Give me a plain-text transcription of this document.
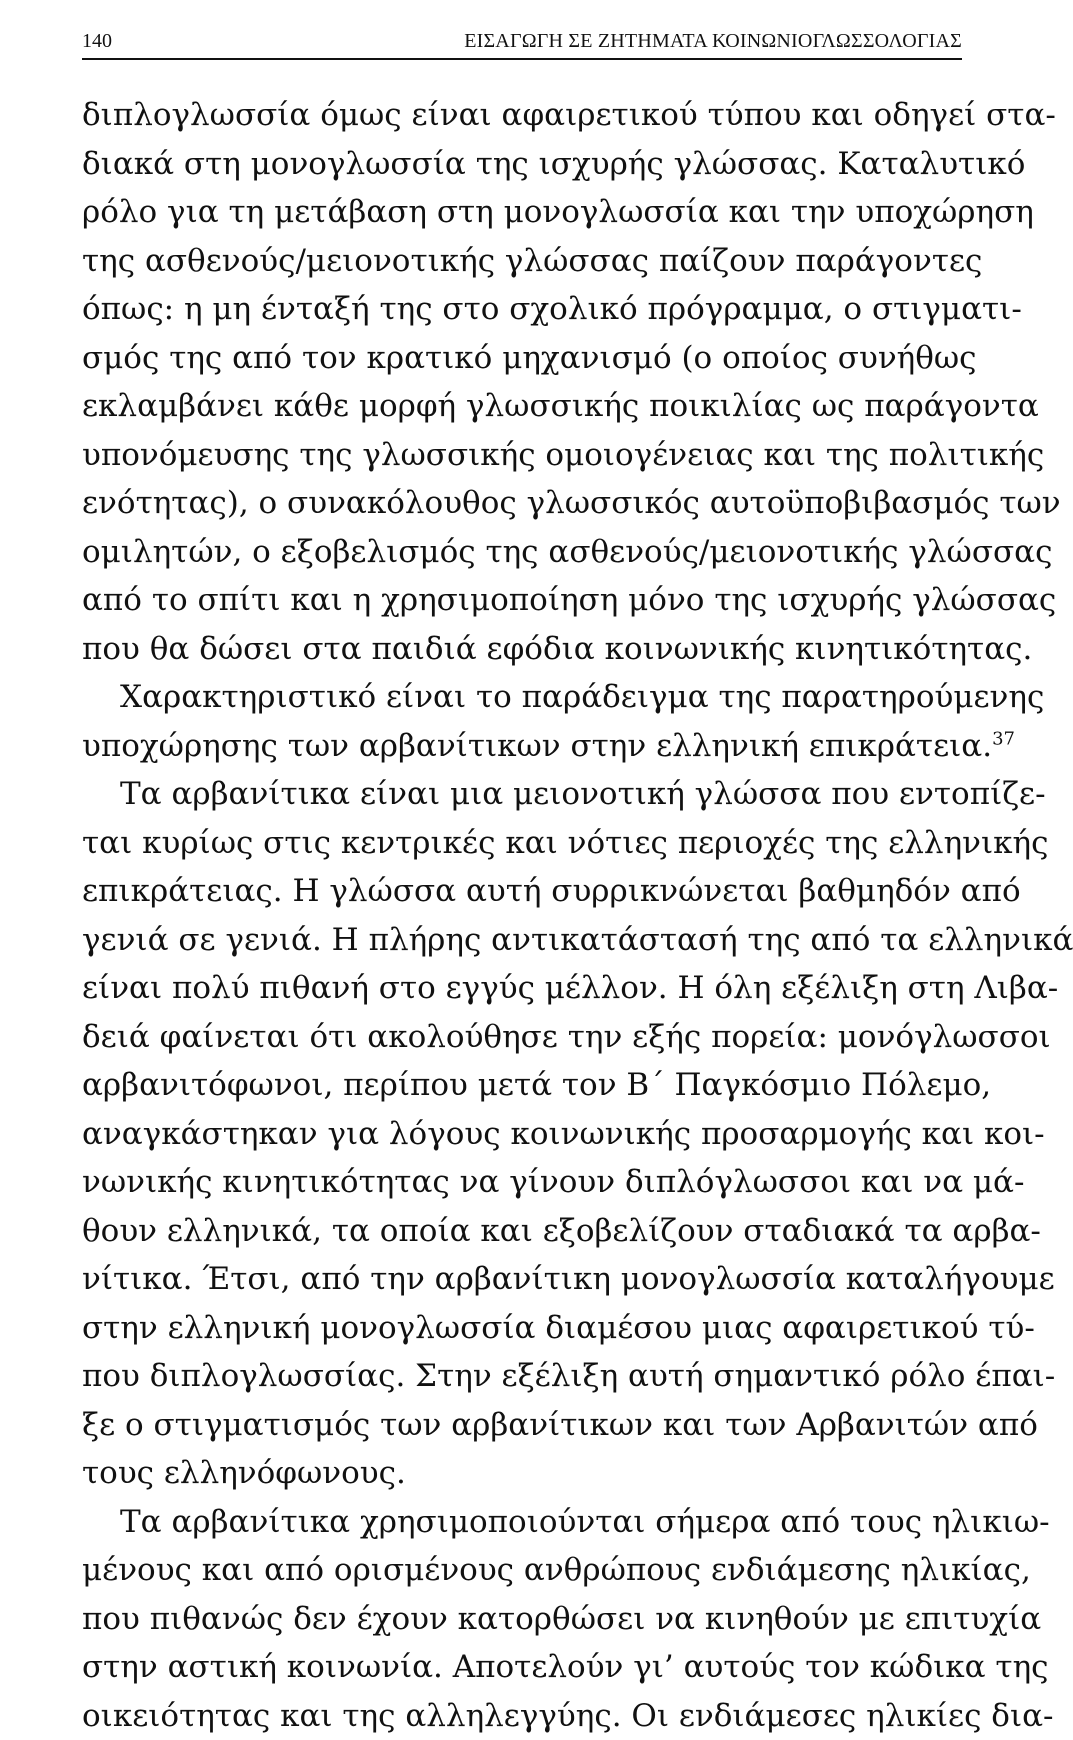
140	ΕΙΣΑΓΩΓΗ ΣΕ ΖΗΤΗΜΑΤΑ ΚΟΙΝΩΝΙΟΓΛΩΣΣΟΛΟΓΙΑΣ
διπλογλωσσία όμως είναι αφαιρετικού τύπου και οδηγεί στα-
διακά στη μονογλωσσία της ισχυρής γλώσσας. Καταλυτικό
ρόλο για τη μετάβαση στη μονογλωσσία και την υποχώρηση
της ασθενούς/μειονοτικής γλώσσας παίζουν παράγοντες
όπως: η μη ένταξή της στο σχολικό πρόγραμμα, ο στιγματι-
σμός της από τον κρατικό μηχανισμό (ο οποίος συνήθως
εκλαμβάνει κάθε μορφή γλωσσικής ποικιλίας ως παράγοντα
υπονόμευσης της γλωσσικής ομοιογένειας και της πολιτικής
ενότητας), ο συνακόλουθος γλωσσικός αυτοϋποβιβασμός των
ομιλητών, ο εξοβελισμός της ασθενούς/μειονοτικής γλώσσας
από το σπίτι και η χρησιμοποίηση μόνο της ισχυρής γλώσσας
που θα δώσει στα παιδιά εφόδια κοινωνικής κινητικότητας.
Χαρακτηριστικό είναι το παράδειγμα της παρατηρούμενης
υποχώρησης των αρβανίτικων στην ελληνική επικράτεια.$^{37}$
Τα αρβανίτικα είναι μια μειονοτική γλώσσα που εντοπίζε-
ται κυρίως στις κεντρικές και νότιες περιοχές της ελληνικής
επικράτειας. Η γλώσσα αυτή συρρικνώνεται βαθμηδόν από
γενιά σε γενιά. Η πλήρης αντικατάστασή της από τα ελληνικά
είναι πολύ πιθανή στο εγγύς μέλλον. Η όλη εξέλιξη στη Λιβα-
δειά φαίνεται ότι ακολούθησε την εξής πορεία: μονόγλωσσοι
αρβανιτόφωνοι, περίπου μετά τον Β΄ Παγκόσμιο Πόλεμο,
αναγκάστηκαν για λόγους κοινωνικής προσαρμογής και κοι-
νωνικής κινητικότητας να γίνουν διπλόγλωσσοι και να μά-
θουν ελληνικά, τα οποία και εξοβελίζουν σταδιακά τα αρβα-
νίτικα. Έτσι, από την αρβανίτικη μονογλωσσία καταλήγουμε
στην ελληνική μονογλωσσία διαμέσου μιας αφαιρετικού τύ-
που διπλογλωσσίας. Στην εξέλιξη αυτή σημαντικό ρόλο έπαι-
ξε ο στιγματισμός των αρβανίτικων και των Αρβανιτών από
τους ελληνόφωνους.
Τα αρβανίτικα χρησιμοποιούνται σήμερα από τους ηλικιω-
μένους και από ορισμένους ανθρώπους ενδιάμεσης ηλικίας,
που πιθανώς δεν έχουν κατορθώσει να κινηθούν με επιτυχία
στην αστική κοινωνία. Αποτελούν γι’ αυτούς τον κώδικα της
οικειότητας και της αλληλεγγύης. Οι ενδιάμεσες ηλικίες δια-
